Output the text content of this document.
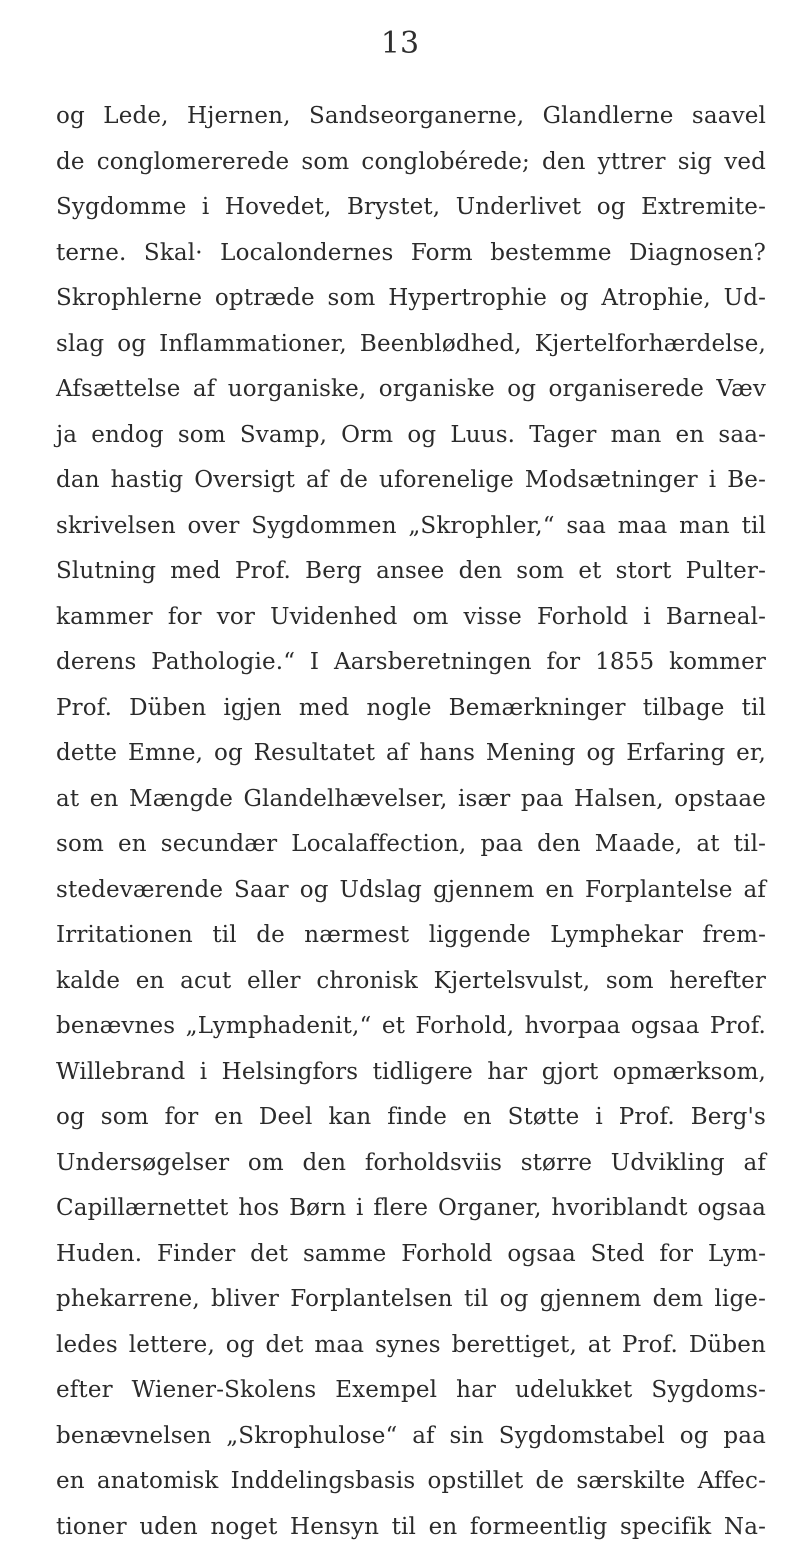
13
og Lede, Hjernen, Sandseorganerne, Glandlerne saavel
de conglomererede som conglobérede; den yttrer sig ved
Sygdomme i Hovedet, Brystet, Underlivet og Extremite-
terne. Skal· Localondernes Form bestemme Diagnosen?
Skrophlerne optræde som Hypertrophie og Atrophie, Ud-
slag og Inflammationer, Beenblødhed, Kjertelforhærdelse,
Afsættelse af uorganiske, organiske og organiserede Væv
ja endog som Svamp, Orm og Luus. Tager man en saa-
dan hastig Oversigt af de uforenelige Modsætninger i Be-
skrivelsen over Sygdommen „Skrophler,“ saa maa man til
Slutning med Prof. Berg ansee den som et stort Pulter-
kammer for vor Uvidenhed om visse Forhold i Barneal-
derens Pathologie.“ I Aarsberetningen for 1855 kommer
Prof. Düben igjen med nogle Bemærkninger tilbage til
dette Emne, og Resultatet af hans Mening og Erfaring er,
at en Mængde Glandelhævelser, især paa Halsen, opstaae
som en secundær Localaffection, paa den Maade, at til-
stedeværende Saar og Udslag gjennem en Forplantelse af
Irritationen til de nærmest liggende Lymphekar frem-
kalde en acut eller chronisk Kjertelsvulst, som herefter
benævnes „Lymphadenit,“ et Forhold, hvorpaa ogsaa Prof.
Willebrand i Helsingfors tidligere har gjort opmærksom,
og som for en Deel kan finde en Støtte i Prof. Berg's
Undersøgelser om den forholdsviis større Udvikling af
Capillærnettet hos Børn i flere Organer, hvoriblandt ogsaa
Huden. Finder det samme Forhold ogsaa Sted for Lym-
phekarrene, bliver Forplantelsen til og gjennem dem lige-
ledes lettere, og det maa synes berettiget, at Prof. Düben
efter Wiener-Skolens Exempel har udelukket Sygdoms-
benævnelsen „Skrophulose“ af sin Sygdomstabel og paa
en anatomisk Inddelingsbasis opstillet de særskilte Affec-
tioner uden noget Hensyn til en formeentlig specifik Na-
